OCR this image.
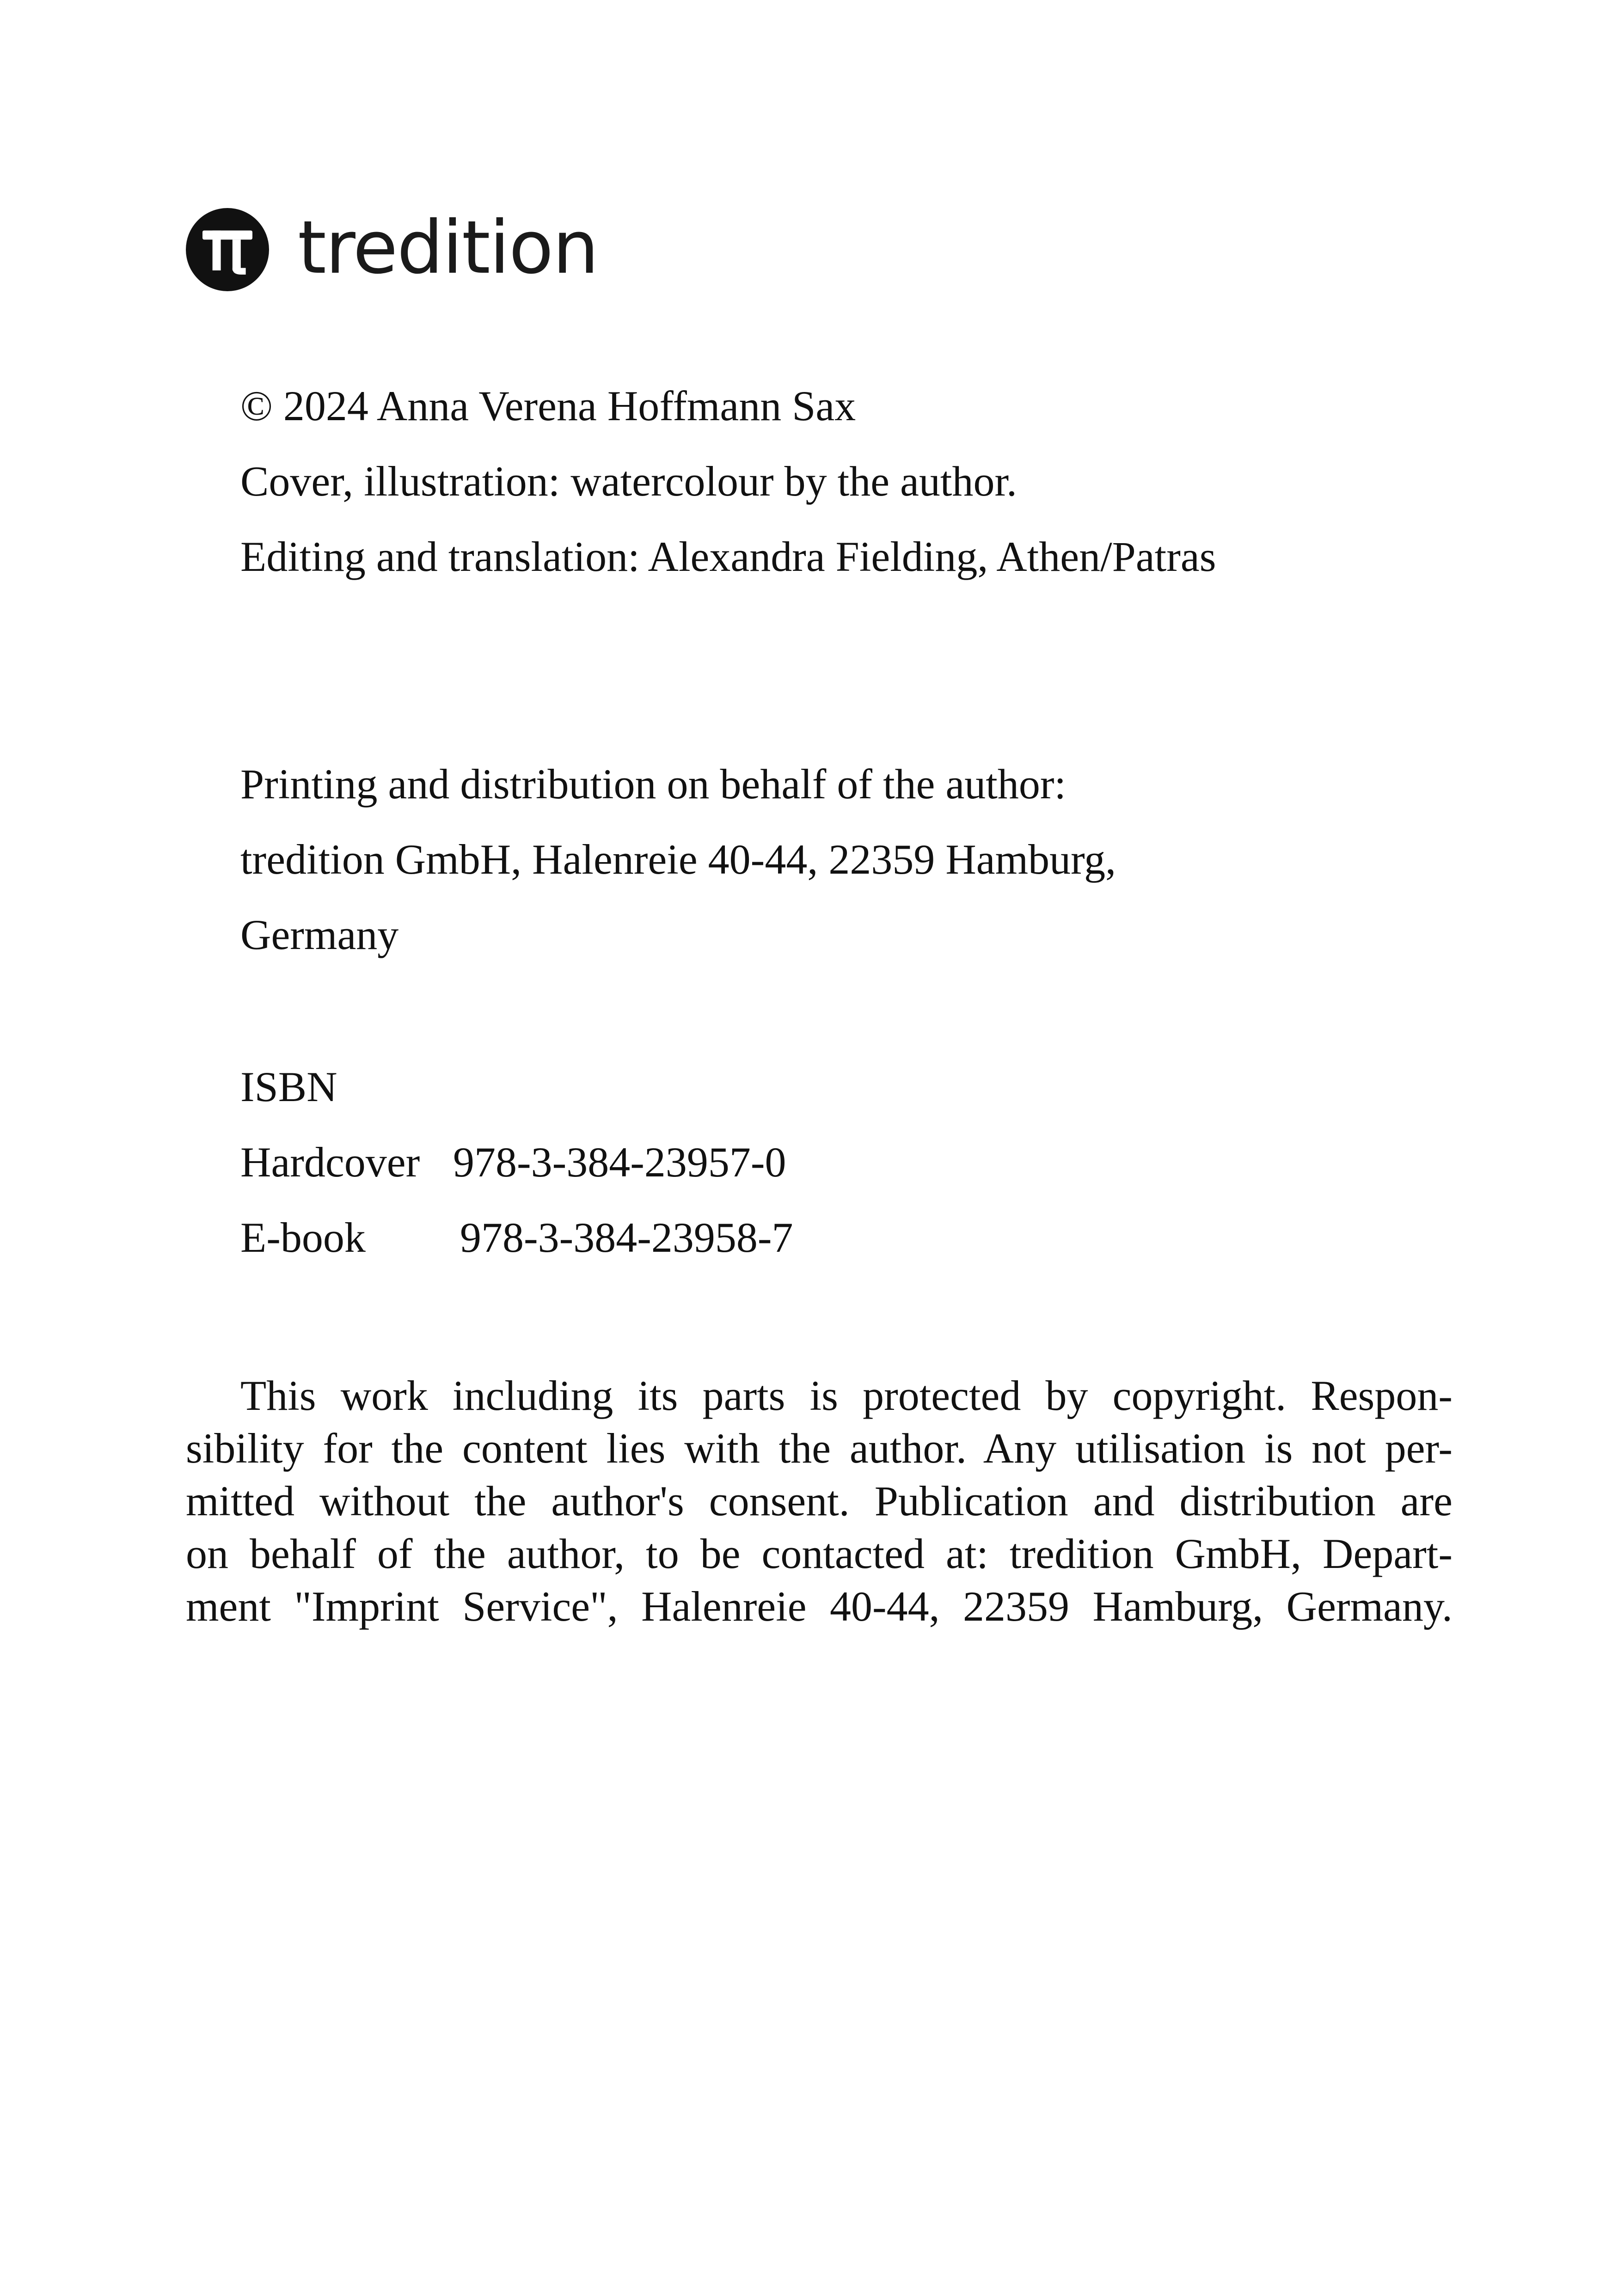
tredition
© 2024 Anna Verena Hoffmann Sax
Cover, illustration: watercolour by the author.
Editing and translation: Alexandra Fielding, Athen/Patras
Printing and distribution on behalf of the author:
tredition GmbH, Halenreie 40-44, 22359 Hamburg,
Germany
ISBN
Hardcover 978-3-384-23957-0
E-book 978-3-384-23958-7
This work including its parts is protected by copyright. Respon-
sibility for the content lies with the author. Any utilisation is not per-
mitted without the author's consent. Publication and distribution are
on behalf of the author, to be contacted at: tredition GmbH, Depart-
ment "Imprint Service", Halenreie 40-44, 22359 Hamburg, Germany.
